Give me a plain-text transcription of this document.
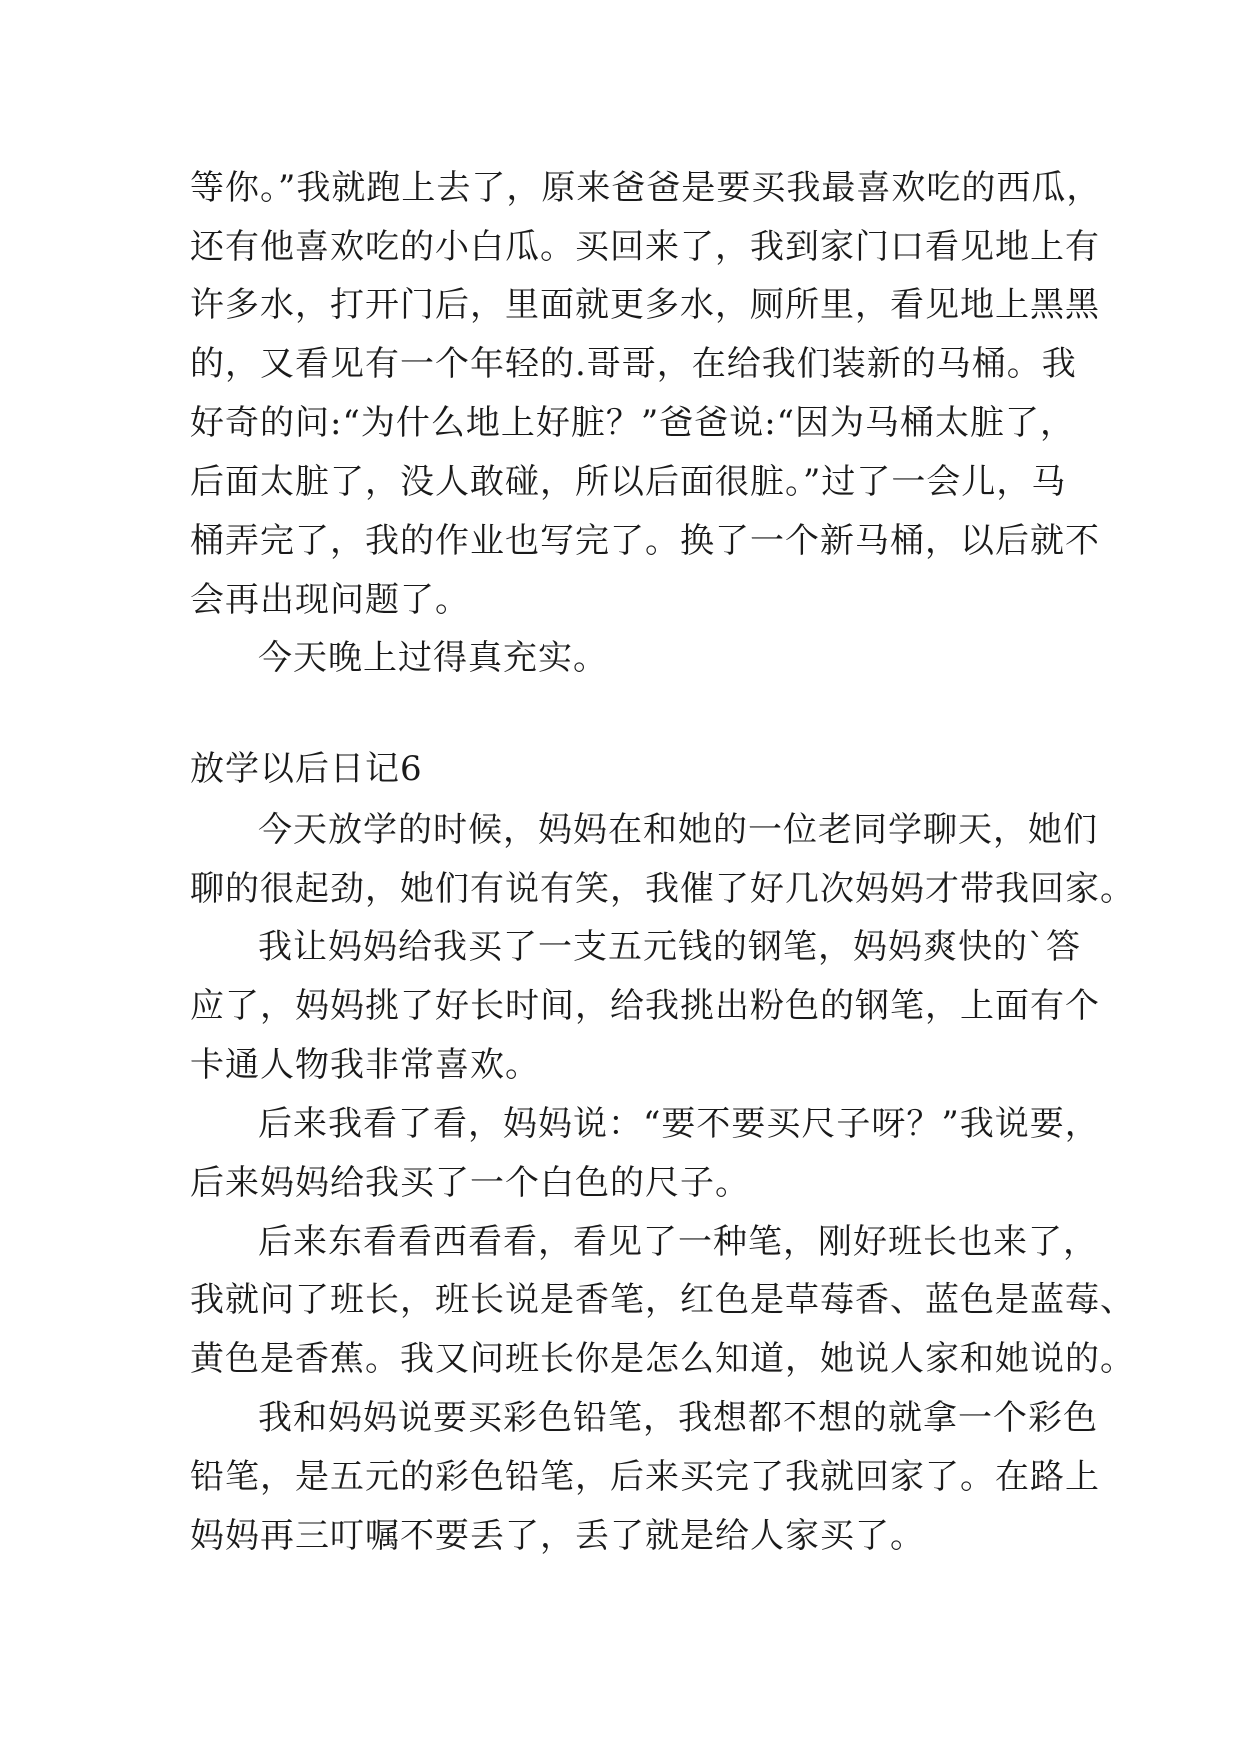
等你。”我就跑上去了，原来爸爸是要买我最喜欢吃的西瓜，
还有他喜欢吃的小白瓜。买回来了，我到家门口看见地上有
许多水，打开门后，里面就更多水，厕所里，看见地上黑黑
的，又看见有一个年轻的.哥哥，在给我们装新的马桶。我
好奇的问:“为什么地上好脏？”爸爸说:“因为马桶太脏了，
后面太脏了，没人敢碰，所以后面很脏。”过了一会儿，马
桶弄完了，我的作业也写完了。换了一个新马桶，以后就不
会再出现问题了。
今天晚上过得真充实。
放学以后日记6
今天放学的时候，妈妈在和她的一位老同学聊天，她们
聊的很起劲，她们有说有笑，我催了好几次妈妈才带我回家。
我让妈妈给我买了一支五元钱的钢笔，妈妈爽快的`答
应了，妈妈挑了好长时间，给我挑出粉色的钢笔，上面有个
卡通人物我非常喜欢。
后来我看了看，妈妈说：“要不要买尺子呀？”我说要，
后来妈妈给我买了一个白色的尺子。
后来东看看西看看，看见了一种笔，刚好班长也来了，
我就问了班长，班长说是香笔，红色是草莓香、蓝色是蓝莓、
黄色是香蕉。我又问班长你是怎么知道，她说人家和她说的。
我和妈妈说要买彩色铅笔，我想都不想的就拿一个彩色
铅笔，是五元的彩色铅笔，后来买完了我就回家了。在路上
妈妈再三叮嘱不要丢了，丢了就是给人家买了。
